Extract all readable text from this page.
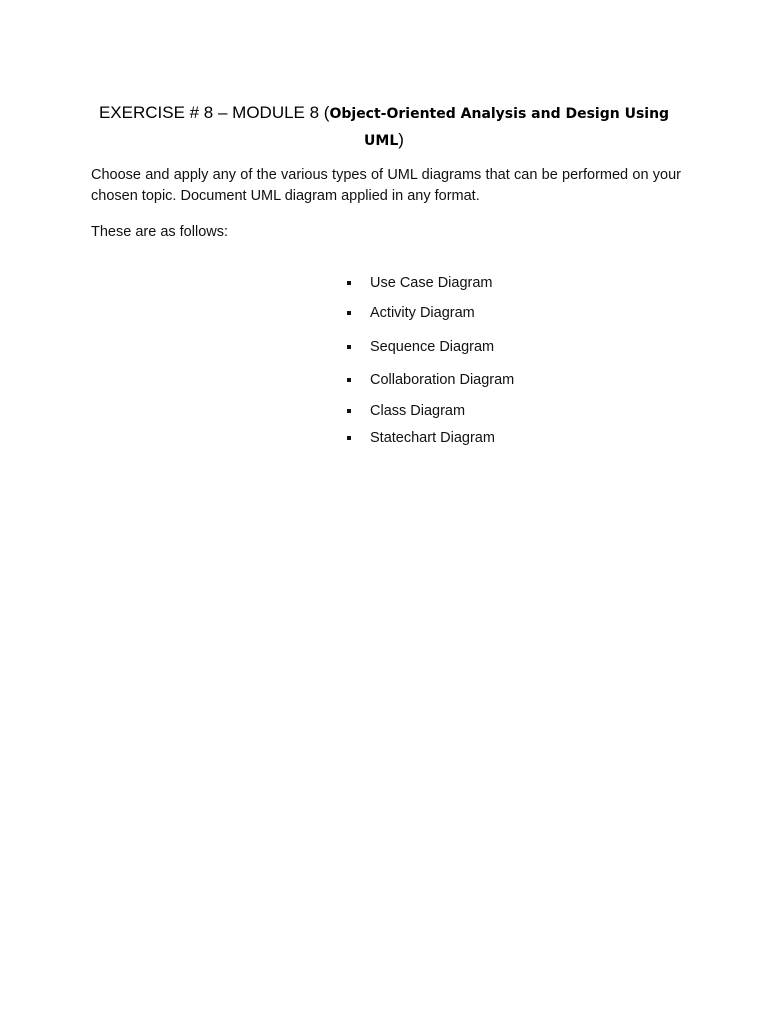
EXERCISE # 8 – MODULE 8 (Object-Oriented Analysis and Design Using UML)

Choose and apply any of the various types of UML diagrams that can be performed on your chosen topic. Document UML diagram applied in any format.

These are as follows:

Use Case Diagram
Activity Diagram
Sequence Diagram
Collaboration Diagram
Class Diagram
Statechart Diagram
